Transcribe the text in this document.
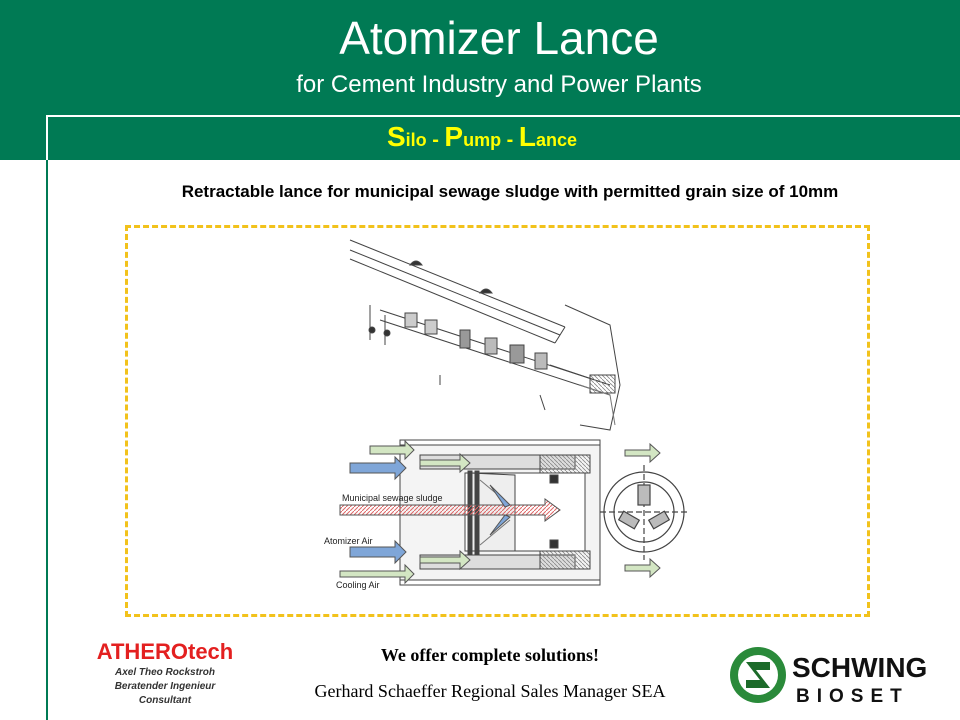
Atomizer Lance
for Cement Industry and Power Plants
Silo - Pump - Lance
Retractable lance for municipal sewage sludge with permitted grain size of 10mm
Municipal sewage sludge
Atomizer Air
Cooling Air
ATHEROtech
Axel Theo Rockstroh
Beratender Ingenieur
Consultant
We offer complete solutions!
Gerhard Schaeffer Regional Sales Manager SEA
SCHWING
BIOSET
